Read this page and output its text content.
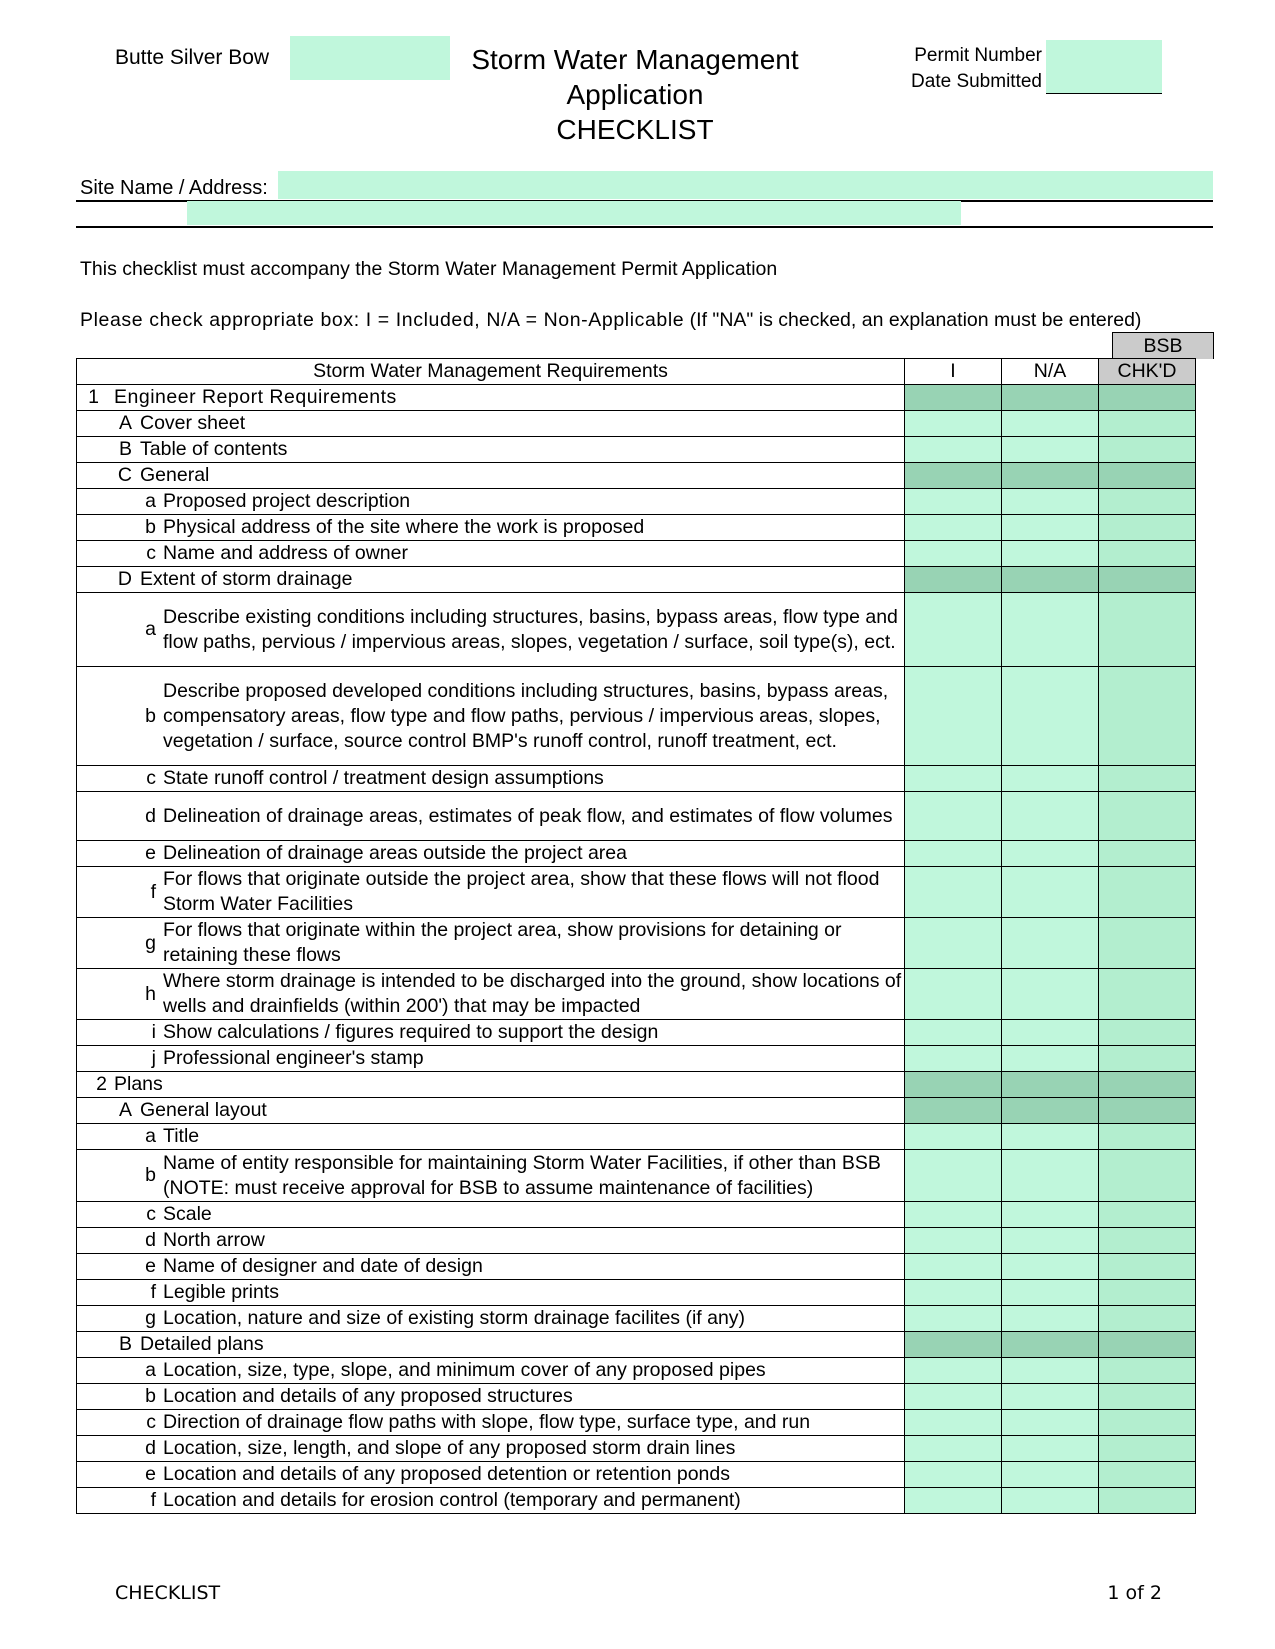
Butte Silver Bow	Storm Water Management
Application
CHECKLIST
Permit Number
Date Submitted
Site Name / Address:
This checklist must accompany the Storm Water Management Permit Application
Please check appropriate box: I = Included, N/A = Non-Applicable (If "NA" is checked, an explanation must be entered)
BSB
Storm Water Management Requirements	I	N/A	CHK'D

1 Engineer Report Requirements			

A Cover sheet			

B Table of contents			

C General			

a Proposed project description			

b Physical address of the site where the work is proposed			

c Name and address of owner			

D Extent of storm drainage			

a
Describe existing conditions including structures, basins, bypass areas, flow type and flow paths, pervious / impervious areas, slopes, vegetation / surface, soil type(s), ect.			

b
Describe proposed developed conditions including structures, basins, bypass areas, compensatory areas, flow type and flow paths, pervious / impervious areas, slopes, vegetation / surface, source control BMP's runoff control, runoff treatment, ect.			

c State runoff control / treatment design assumptions			

d Delineation of drainage areas, estimates of peak flow, and estimates of flow volumes			

e Delineation of drainage areas outside the project area			

f
For flows that originate outside the project area, show that these flows will not flood Storm Water Facilities			

g
For flows that originate within the project area, show provisions for detaining or retaining these flows			

h
Where storm drainage is intended to be discharged into the ground, show locations of wells and drainfields (within 200') that may be impacted			

i Show calculations / figures required to support the design			

j Professional engineer's stamp			

2 Plans			

A General layout			

a Title			

b
Name of entity responsible for maintaining Storm Water Facilities, if other than BSB (NOTE: must receive approval for BSB to assume maintenance of facilities)			

c Scale			

d North arrow			

e Name of designer and date of design			

f Legible prints			

g Location, nature and size of existing storm drainage facilites (if any)			

B Detailed plans			

a Location, size, type, slope, and minimum cover of any proposed pipes			

b Location and details of any proposed structures			

c Direction of drainage flow paths with slope, flow type, surface type, and run			

d Location, size, length, and slope of any proposed storm drain lines			

e Location and details of any proposed detention or retention ponds			

f Location and details for erosion control (temporary and permanent)			

CHECKLIST	1 of 2
